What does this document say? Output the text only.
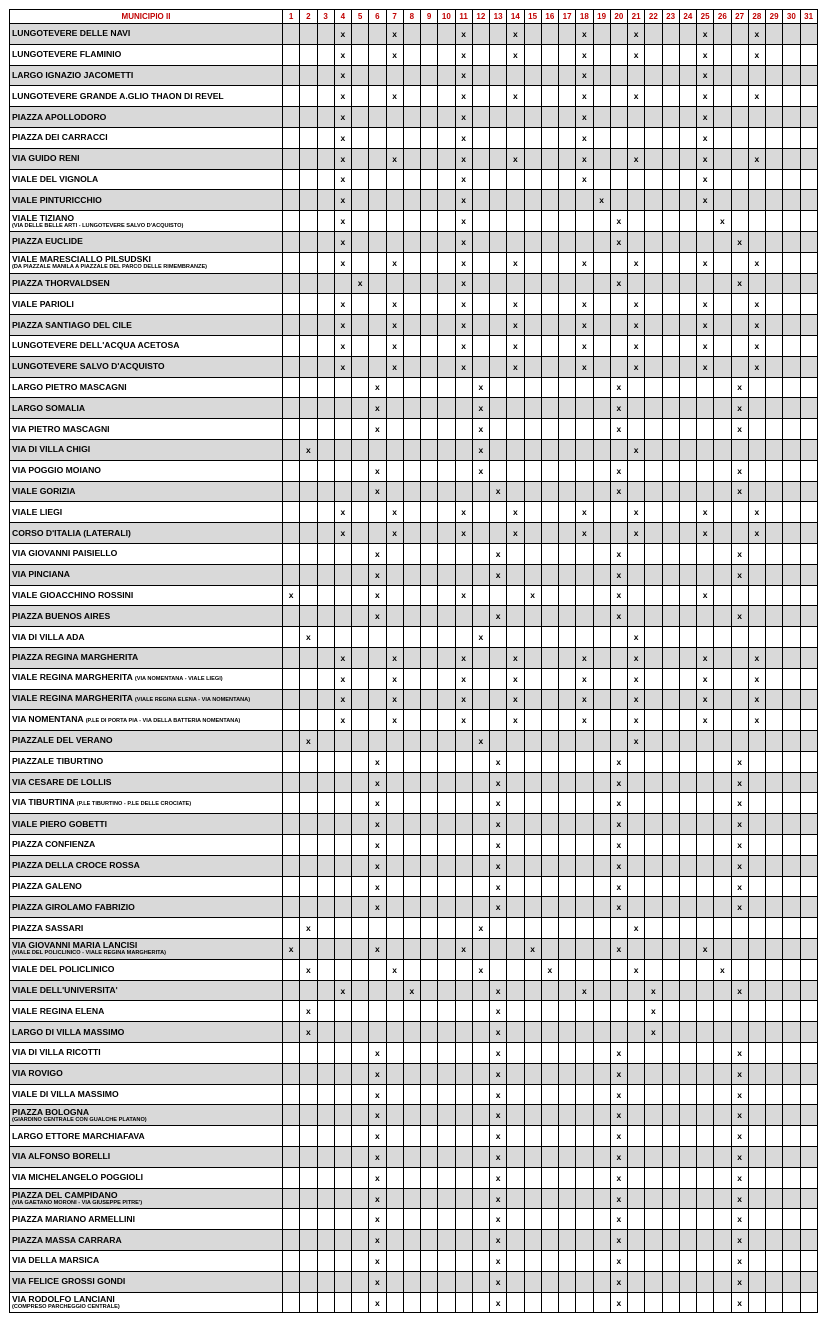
MUNICIPIO II	1	2	3	4	5	6	7	8	9	10	11	12	13	14	15	16	17	18	19	20	21	22	23	24	25	26	27	28	29	30	31
LUNGOTEVERE DELLE NAVI				x			x				x			x				x			x				x			x			
LUNGOTEVERE FLAMINIO				x			x				x			x				x			x				x			x			
LARGO IGNAZIO JACOMETTI				x							x							x							x						
LUNGOTEVERE GRANDE A.GLIO THAON DI REVEL				x			x				x			x				x			x				x			x			
PIAZZA APOLLODORO				x							x							x							x						
PIAZZA DEI CARRACCI				x							x							x							x						
VIA GUIDO RENI				x			x				x			x				x			x				x			x			
VIALE DEL VIGNOLA				x							x							x							x						
VIALE PINTURICCHIO				x							x								x						x						
VIALE TIZIANO
(VIA DELLE BELLE ARTI - LUNGOTEVERE SALVO D'ACQUISTO)				x							x									x						x					
PIAZZA EUCLIDE				x							x									x							x				
VIALE MARESCIALLO PILSUDSKI
(DA PIAZZALE MANILA A PIAZZALE DEL PARCO DELLE RIMEMBRANZE)				x			x				x			x				x			x				x			x			
PIAZZA THORVALDSEN					x						x									x							x				
VIALE PARIOLI				x			x				x			x				x			x				x			x			
PIAZZA SANTIAGO DEL CILE				x			x				x			x				x			x				x			x			
LUNGOTEVERE DELL'ACQUA ACETOSA				x			x				x			x				x			x				x			x			
LUNGOTEVERE SALVO D'ACQUISTO				x			x				x			x				x			x				x			x			
LARGO PIETRO MASCAGNI						x						x								x							x				
LARGO SOMALIA						x						x								x							x				
VIA PIETRO MASCAGNI						x						x								x							x				
VIA DI VILLA CHIGI		x										x									x										
VIA POGGIO MOIANO						x						x								x							x				
VIALE GORIZIA						x							x							x							x				
VIALE LIEGI				x			x				x			x				x			x				x			x			
CORSO D'ITALIA (LATERALI)				x			x				x			x				x			x				x			x			
VIA GIOVANNI PAISIELLO						x							x							x							x				
VIA PINCIANA						x							x							x							x				
VIALE GIOACCHINO ROSSINI	x					x					x				x					x					x						
PIAZZA BUENOS AIRES						x							x							x							x				
VIA DI VILLA ADA		x										x									x										
PIAZZA REGINA MARGHERITA				x			x				x			x				x			x				x			x			
VIALE REGINA MARGHERITA (VIA NOMENTANA - VIALE LIEGI)				x			x				x			x				x			x				x			x			
VIALE REGINA MARGHERITA (VIALE REGINA ELENA - VIA NOMENTANA)				x			x				x			x				x			x				x			x			
VIA NOMENTANA (P.LE DI PORTA PIA - VIA DELLA BATTERIA NOMENTANA)				x			x				x			x				x			x				x			x			
PIAZZALE DEL VERANO		x										x									x										
PIAZZALE TIBURTINO						x							x							x							x				
VIA CESARE DE LOLLIS						x							x							x							x				
VIA TIBURTINA (P.LE TIBURTINO - P.LE DELLE CROCIATE)						x							x							x							x				
VIALE PIERO GOBETTI						x							x							x							x				
PIAZZA CONFIENZA						x							x							x							x				
PIAZZA DELLA CROCE ROSSA						x							x							x							x				
PIAZZA GALENO						x							x							x							x				
PIAZZA GIROLAMO FABRIZIO						x							x							x							x				
PIAZZA SASSARI		x										x									x										
VIA GIOVANNI MARIA LANCISI
(VIALE DEL POLICLINICO - VIALE REGINA MARGHERITA)	x					x					x				x					x					x						
VIALE DEL POLICLINICO		x					x					x				x					x					x					
VIALE DELL'UNIVERSITA'				x				x					x					x				x					x				
VIALE REGINA ELENA		x											x									x									
LARGO DI VILLA MASSIMO		x											x									x									
VIA DI VILLA RICOTTI						x							x							x							x				
VIA ROVIGO						x							x							x							x				
VIALE DI VILLA MASSIMO						x							x							x							x				
PIAZZA BOLOGNA
(GIARDINO CENTRALE CON GUALCHE PLATANO)						x							x							x							x				
LARGO ETTORE MARCHIAFAVA						x							x							x							x				
VIA ALFONSO BORELLI						x							x							x							x				
VIA MICHELANGELO POGGIOLI						x							x							x							x				
PIAZZA DEL CAMPIDANO
(VIA GAETANO MORONI - VIA GIUSEPPE PITRE')						x							x							x							x				
PIAZZA MARIANO ARMELLINI						x							x							x							x				
PIAZZA MASSA CARRARA						x							x							x							x				
VIA DELLA MARSICA						x							x							x							x				
VIA FELICE GROSSI GONDI						x							x							x							x				
VIA RODOLFO LANCIANI
(COMPRESO PARCHEGGIO CENTRALE)						x							x							x							x				
